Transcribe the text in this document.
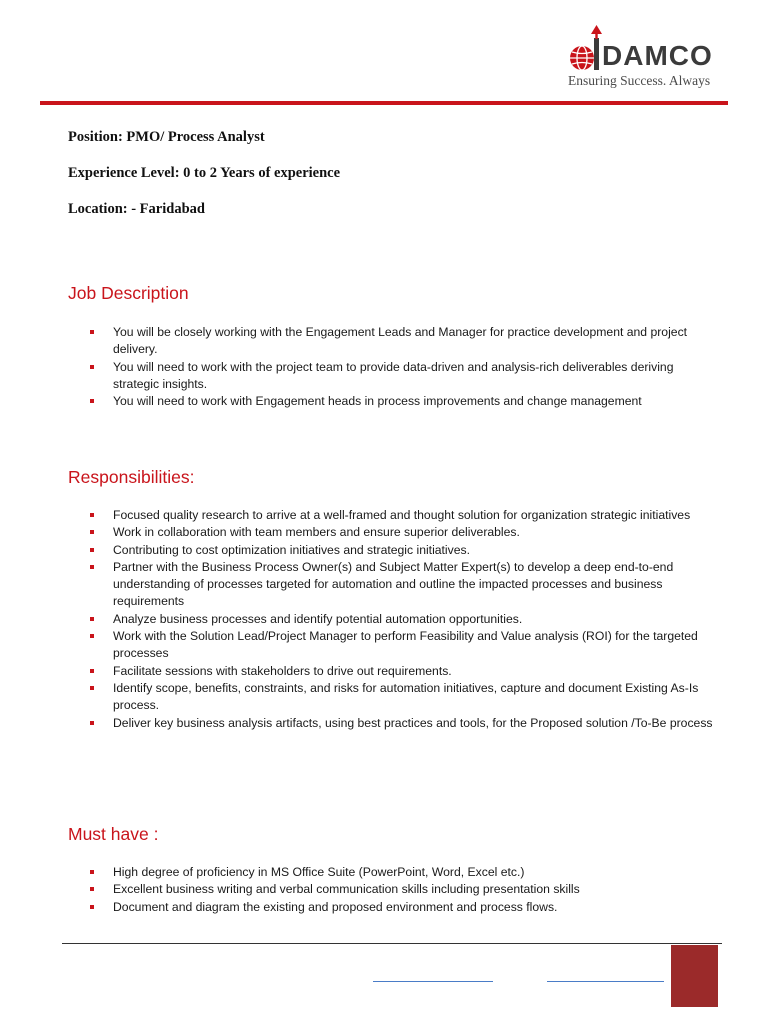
DAMCO
Ensuring Success. Always
Position: PMO/ Process Analyst
Experience Level: 0 to 2 Years of experience
Location: - Faridabad
Job Description
You will be closely working with the Engagement Leads and Manager for practice development and project delivery.
You will need to work with the project team to provide data-driven and analysis-rich deliverables deriving strategic insights.
You will need to work with Engagement heads in process improvements and change management
Responsibilities:
Focused quality research to arrive at a well-framed and thought solution for organization strategic initiatives
Work in collaboration with team members and ensure superior deliverables.
Contributing to cost optimization initiatives and strategic initiatives.
Partner with the Business Process Owner(s) and Subject Matter Expert(s) to develop a deep end-to-end understanding of processes targeted for automation and outline the impacted processes and business requirements
Analyze business processes and identify potential automation opportunities.
Work with the Solution Lead/Project Manager to perform Feasibility and Value analysis (ROI) for the targeted processes
Facilitate sessions with stakeholders to drive out requirements.
Identify scope, benefits, constraints, and risks for automation initiatives, capture and document Existing As-Is process.
Deliver key business analysis artifacts, using best practices and tools, for the Proposed solution /To-Be process
Must have :
High degree of proficiency in MS Office Suite (PowerPoint, Word, Excel etc.)
Excellent business writing and verbal communication skills including presentation skills
Document and diagram the existing and proposed environment and process flows.
